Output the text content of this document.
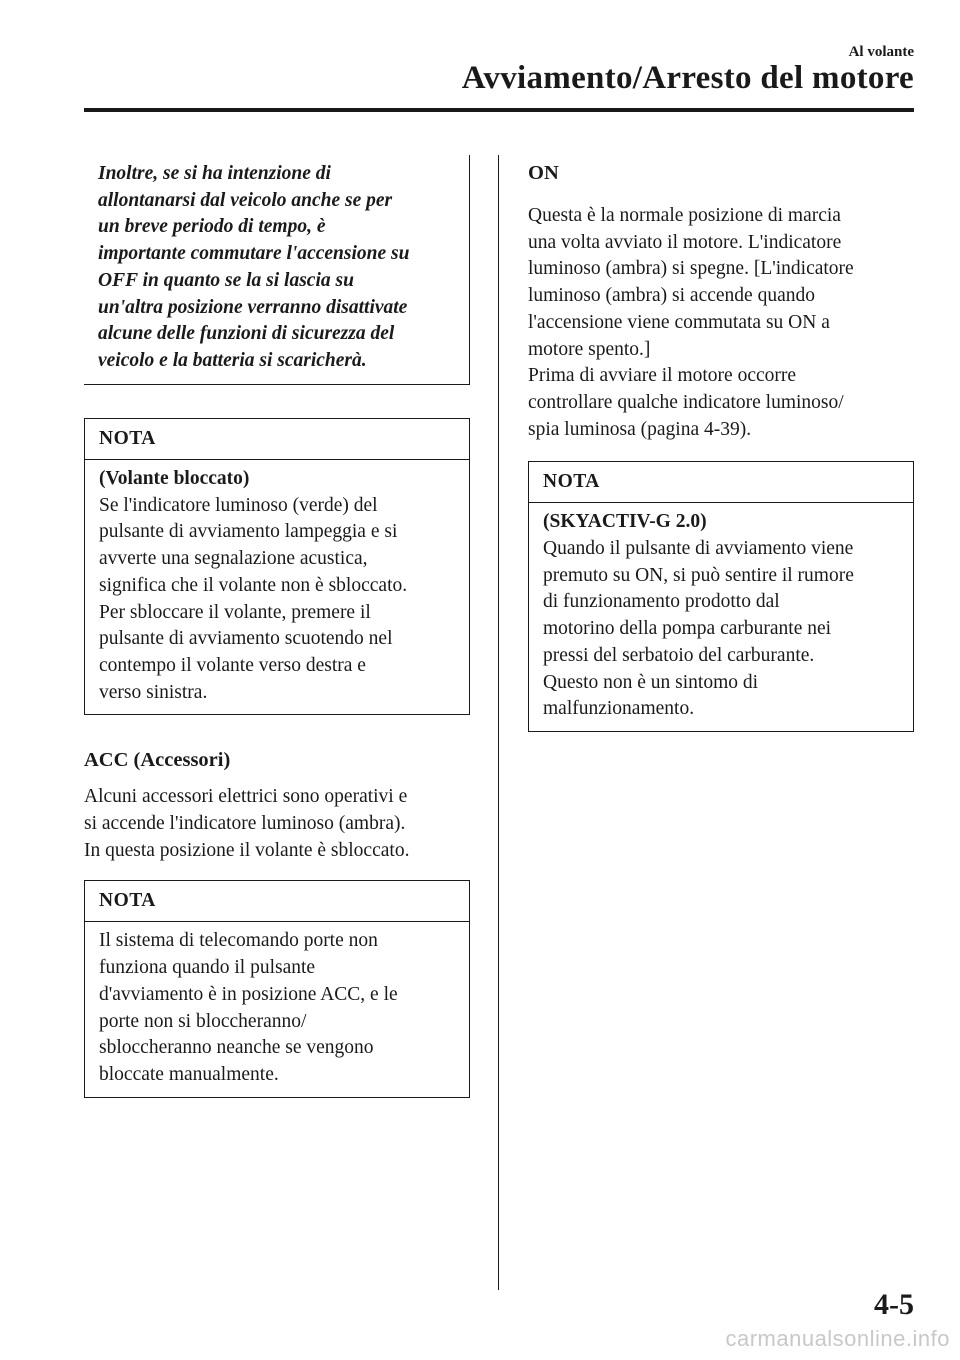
Al volante
Avviamento/Arresto del motore
Inoltre, se si ha intenzione di
allontanarsi dal veicolo anche se per
un breve periodo di tempo, è
importante commutare l'accensione su
OFF in quanto se la si lascia su
un'altra posizione verranno disattivate
alcune delle funzioni di sicurezza del
veicolo e la batteria si scaricherà.
NOTA
(Volante bloccato)
Se l'indicatore luminoso (verde) del
pulsante di avviamento lampeggia e si
avverte una segnalazione acustica,
significa che il volante non è sbloccato.
Per sbloccare il volante, premere il
pulsante di avviamento scuotendo nel
contempo il volante verso destra e
verso sinistra.
ACC (Accessori)
Alcuni accessori elettrici sono operativi e
si accende l'indicatore luminoso (ambra).
In questa posizione il volante è sbloccato.
NOTA
Il sistema di telecomando porte non
funziona quando il pulsante
d'avviamento è in posizione ACC, e le
porte non si bloccheranno/
sbloccheranno neanche se vengono
bloccate manualmente.
ON
Questa è la normale posizione di marcia
una volta avviato il motore. L'indicatore
luminoso (ambra) si spegne. [L'indicatore
luminoso (ambra) si accende quando
l'accensione viene commutata su ON a
motore spento.]
Prima di avviare il motore occorre
controllare qualche indicatore luminoso/
spia luminosa (pagina 4-39).
NOTA
(SKYACTIV-G 2.0)
Quando il pulsante di avviamento viene
premuto su ON, si può sentire il rumore
di funzionamento prodotto dal
motorino della pompa carburante nei
pressi del serbatoio del carburante.
Questo non è un sintomo di
malfunzionamento.
4-5
carmanualsonline.info
